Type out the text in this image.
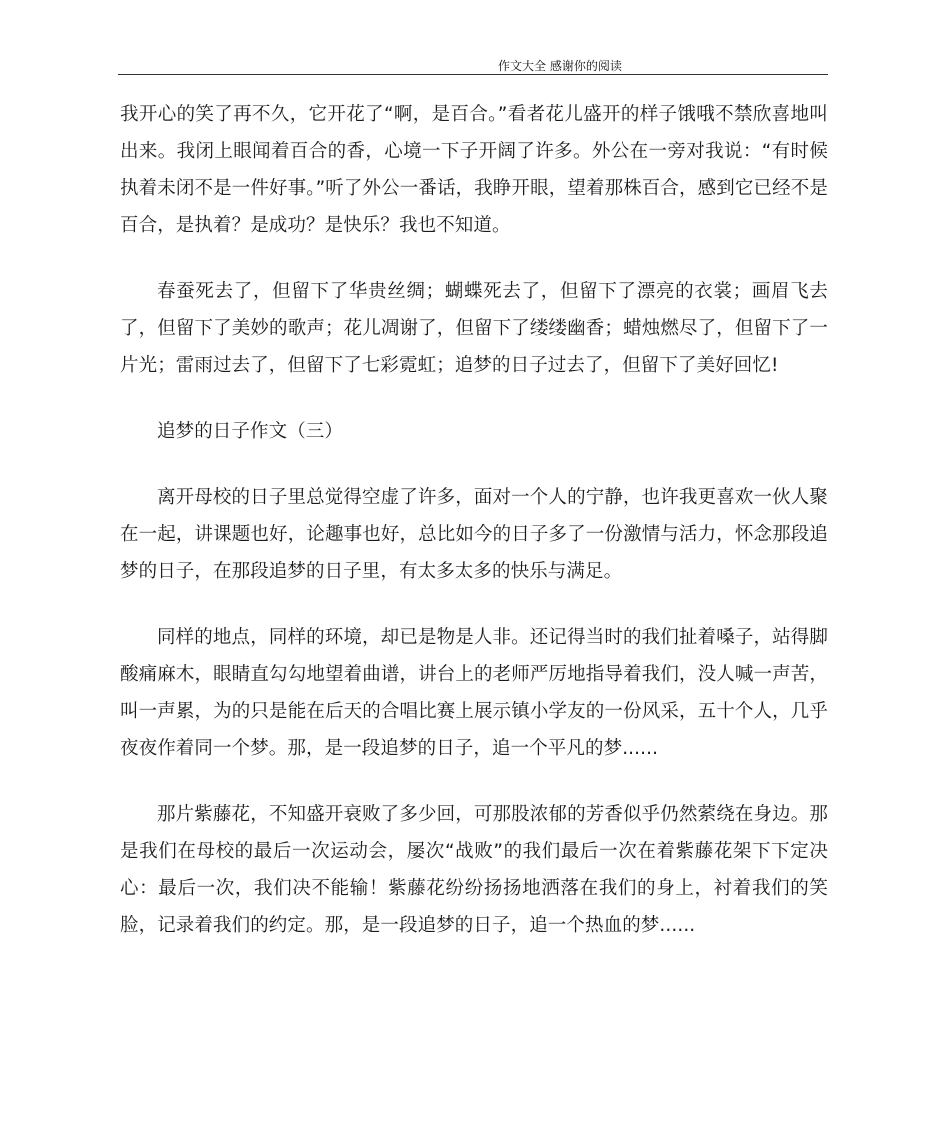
作文大全 感谢你的阅读

我开心的笑了再不久，它开花了“啊，是百合。”看者花儿盛开的样子饿哦不禁欣喜地叫出来。我闭上眼闻着百合的香，心境一下子开阔了许多。外公在一旁对我说：“有时候执着未闭不是一件好事。”听了外公一番话，我睁开眼，望着那株百合，感到它已经不是百合，是执着？是成功？是快乐？我也不知道。

春蚕死去了，但留下了华贵丝绸；蝴蝶死去了，但留下了漂亮的衣裳；画眉飞去了，但留下了美妙的歌声；花儿凋谢了，但留下了缕缕幽香；蜡烛燃尽了，但留下了一片光；雷雨过去了，但留下了七彩霓虹；追梦的日子过去了，但留下了美好回忆!

追梦的日子作文（三）

离开母校的日子里总觉得空虚了许多，面对一个人的宁静，也许我更喜欢一伙人聚在一起，讲课题也好，论趣事也好，总比如今的日子多了一份激情与活力，怀念那段追梦的日子，在那段追梦的日子里，有太多太多的快乐与满足。

同样的地点，同样的环境，却已是物是人非。还记得当时的我们扯着嗓子，站得脚酸痛麻木，眼睛直勾勾地望着曲谱，讲台上的老师严厉地指导着我们，没人喊一声苦，叫一声累，为的只是能在后天的合唱比赛上展示镇小学友的一份风采，五十个人，几乎夜夜作着同一个梦。那，是一段追梦的日子，追一个平凡的梦......

那片紫藤花，不知盛开衰败了多少回，可那股浓郁的芳香似乎仍然萦绕在身边。那是我们在母校的最后一次运动会，屡次“战败”的我们最后一次在着紫藤花架下下定决心：最后一次，我们决不能输！紫藤花纷纷扬扬地洒落在我们的身上，衬着我们的笑脸，记录着我们的约定。那，是一段追梦的日子，追一个热血的梦......
